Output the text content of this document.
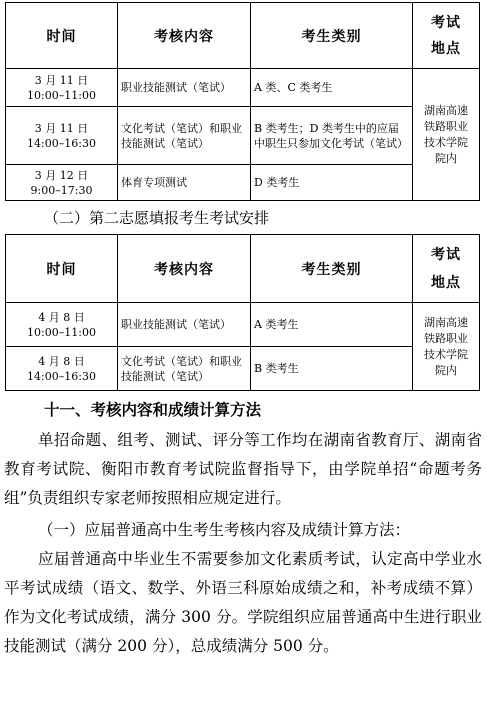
时间	考核内容	考生类别	考试
地点
3 月 11 日
10:00–11:00	职业技能测试（笔试）	A 类、C 类考生	湖南高速铁路职业技术学院院内
3 月 11 日
14:00–16:30	文化考试（笔试）和职业技能测试（笔试）	B 类考生；D 类考生中的应届中职生只参加文化考试（笔试）	
3 月 12 日
9:00–17:30	体育专项测试	D 类考生	
（二）第二志愿填报考生考试安排
时间	考核内容	考生类别	考试
地点
4 月 8 日
10:00–11:00	职业技能测试（笔试）	A 类考生	湖南高速铁路职业技术学院院内
4 月 8 日
14:00–16:30	文化考试（笔试）和职业技能测试（笔试）	B 类考生	
十一、考核内容和成绩计算方法
单招命题、组考、测试、评分等工作均在湖南省教育厅、湖南省教育考试院、衡阳市教育考试院监督指导下，由学院单招“命题考务组”负责组织专家老师按照相应规定进行。
（一）应届普通高中生考生考核内容及成绩计算方法：
应届普通高中毕业生不需要参加文化素质考试，认定高中学业水平考试成绩（语文、数学、外语三科原始成绩之和，补考成绩不算）作为文化考试成绩，满分 300 分。学院组织应届普通高中生进行职业技能测试（满分 200 分），总成绩满分 500 分。
